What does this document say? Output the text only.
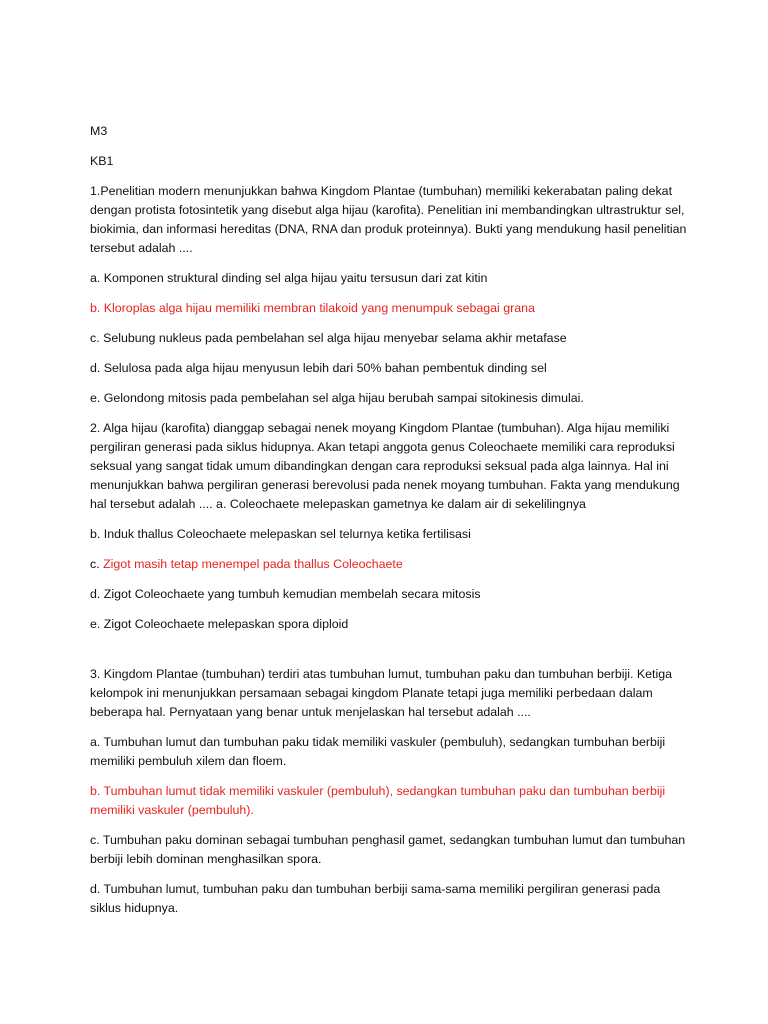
M3

KB1

1.Penelitian modern menunjukkan bahwa Kingdom Plantae (tumbuhan) memiliki kekerabatan paling dekat dengan protista fotosintetik yang disebut alga hijau (karofita). Penelitian ini membandingkan ultrastruktur sel, biokimia, dan informasi hereditas (DNA, RNA dan produk proteinnya). Bukti yang mendukung hasil penelitian tersebut adalah ....

a. Komponen struktural dinding sel alga hijau yaitu tersusun dari zat kitin

b. Kloroplas alga hijau memiliki membran tilakoid yang menumpuk sebagai grana

c. Selubung nukleus pada pembelahan sel alga hijau menyebar selama akhir metafase

d. Selulosa pada alga hijau menyusun lebih dari 50% bahan pembentuk dinding sel

e. Gelondong mitosis pada pembelahan sel alga hijau berubah sampai sitokinesis dimulai.

2. Alga hijau (karofita) dianggap sebagai nenek moyang Kingdom Plantae (tumbuhan). Alga hijau memiliki pergiliran generasi pada siklus hidupnya. Akan tetapi anggota genus Coleochaete memiliki cara reproduksi seksual yang sangat tidak umum dibandingkan dengan cara reproduksi seksual pada alga lainnya. Hal ini menunjukkan bahwa pergiliran generasi berevolusi pada nenek moyang tumbuhan. Fakta yang mendukung hal tersebut adalah .... a. Coleochaete melepaskan gametnya ke dalam air di sekelilingnya

b. Induk thallus Coleochaete melepaskan sel telurnya ketika fertilisasi

c. Zigot masih tetap menempel pada thallus Coleochaete

d. Zigot Coleochaete yang tumbuh kemudian membelah secara mitosis

e. Zigot Coleochaete melepaskan spora diploid

3. Kingdom Plantae (tumbuhan) terdiri atas tumbuhan lumut, tumbuhan paku dan tumbuhan berbiji. Ketiga kelompok ini menunjukkan persamaan sebagai kingdom Planate tetapi juga memiliki perbedaan dalam beberapa hal. Pernyataan yang benar untuk menjelaskan hal tersebut adalah ....

a. Tumbuhan lumut dan tumbuhan paku tidak memiliki vaskuler (pembuluh), sedangkan tumbuhan berbiji memiliki pembuluh xilem dan floem.

b. Tumbuhan lumut tidak memiliki vaskuler (pembuluh), sedangkan tumbuhan paku dan tumbuhan berbiji memiliki vaskuler (pembuluh).

c. Tumbuhan paku dominan sebagai tumbuhan penghasil gamet, sedangkan tumbuhan lumut dan tumbuhan berbiji lebih dominan menghasilkan spora.

d. Tumbuhan lumut, tumbuhan paku dan tumbuhan berbiji sama-sama memiliki pergiliran generasi pada siklus hidupnya.
